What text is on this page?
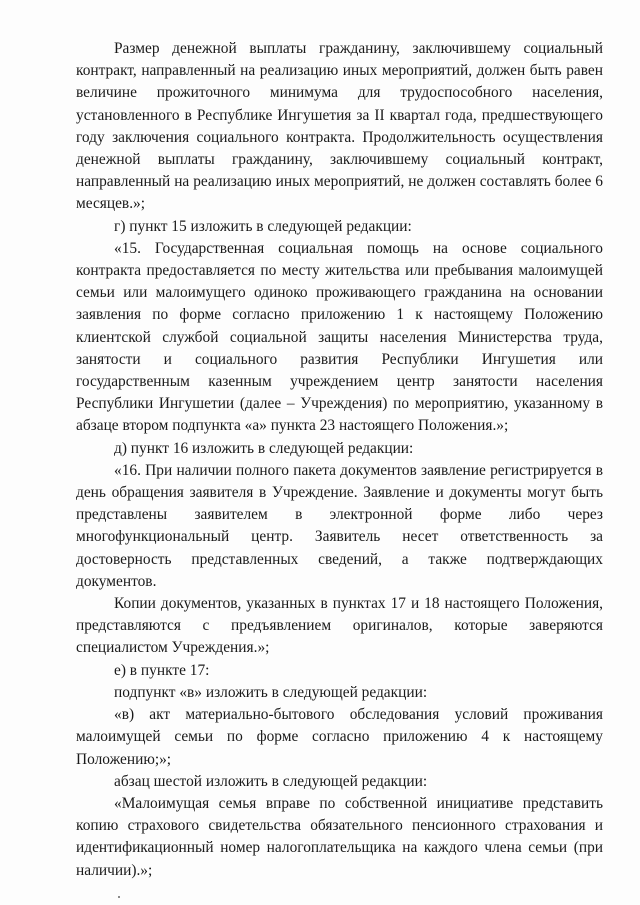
Размер денежной выплаты гражданину, заключившему социальный контракт, направленный на реализацию иных мероприятий, должен быть равен величине прожиточного минимума для трудоспособного населения, установленного в Республике Ингушетия за II квартал года, предшествующего году заключения социального контракта. Продолжительность осуществления денежной выплаты гражданину, заключившему социальный контракт, направленный на реализацию иных мероприятий, не должен составлять более 6 месяцев.»;

г) пункт 15 изложить в следующей редакции:

«15. Государственная социальная помощь на основе социального контракта предоставляется по месту жительства или пребывания малоимущей семьи или малоимущего одиноко проживающего гражданина на основании заявления по форме согласно приложению 1 к настоящему Положению клиентской службой социальной защиты населения Министерства труда, занятости и социального развития Республики Ингушетия или государственным казенным учреждением центр занятости населения Республики Ингушетии (далее – Учреждения) по мероприятию, указанному в абзаце втором подпункта «а» пункта 23 настоящего Положения.»;

д) пункт 16 изложить в следующей редакции:

«16. При наличии полного пакета документов заявление регистрируется в день обращения заявителя в Учреждение. Заявление и документы могут быть представлены заявителем в электронной форме либо через многофункциональный центр. Заявитель несет ответственность за достоверность представленных сведений, а также подтверждающих документов.

Копии документов, указанных в пунктах 17 и 18 настоящего Положения, представляются с предъявлением оригиналов, которые заверяются специалистом Учреждения.»;

е) в пункте 17:

подпункт «в» изложить в следующей редакции:

«в) акт материально-бытового обследования условий проживания малоимущей семьи по форме согласно приложению 4 к настоящему Положению;»;

абзац шестой изложить в следующей редакции:

«Малоимущая семья вправе по собственной инициативе представить копию страхового свидетельства обязательного пенсионного страхования и идентификационный номер налогоплательщика на каждого члена семьи (при наличии).»;
